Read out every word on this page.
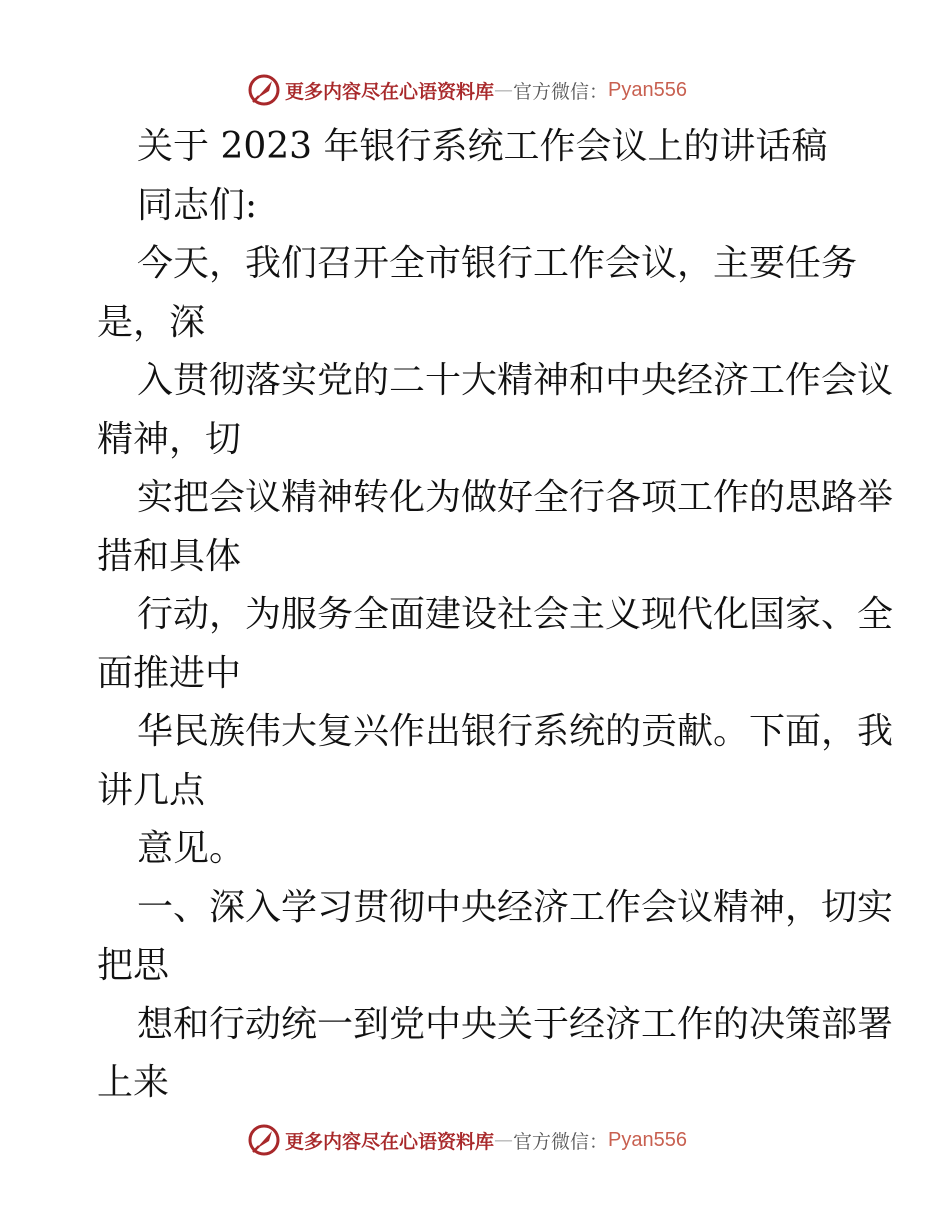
更多内容尽在心语资料库 — 官方微信： Pyan556
关于 2023 年银行系统工作会议上的讲话稿
同志们:
今天，我们召开全市银行工作会议，主要任务
是，深
入贯彻落实党的二十大精神和中央经济工作会议
精神，切
实把会议精神转化为做好全行各项工作的思路举
措和具体
行动，为服务全面建设社会主义现代化国家、全
面推进中
华民族伟大复兴作出银行系统的贡献。下面，我
讲几点
意见。
一、深入学习贯彻中央经济工作会议精神，切实
把思
想和行动统一到党中央关于经济工作的决策部署
上来
更多内容尽在心语资料库 — 官方微信： Pyan556
